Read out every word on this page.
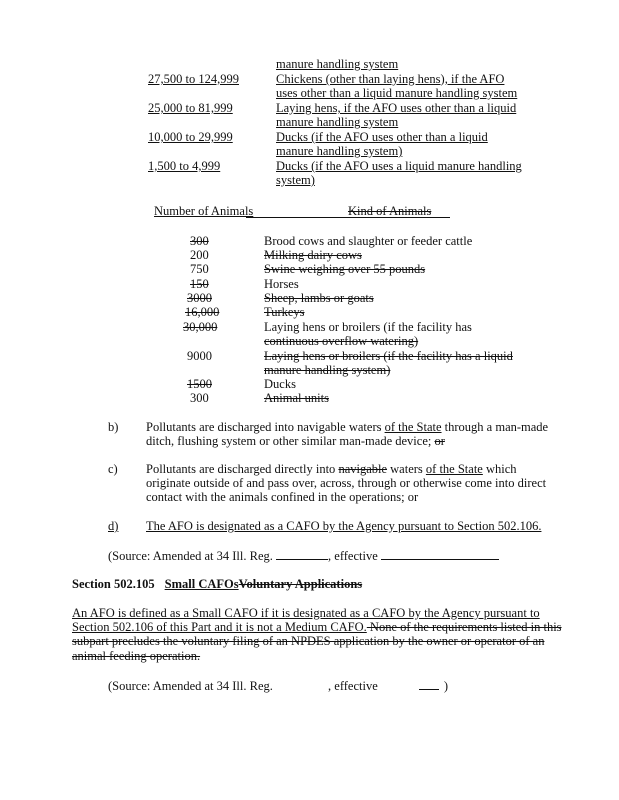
manure handling system
27,500 to 124,999	Chickens (other than laying hens), if the AFO
uses other than a liquid manure handling system
25,000 to 81,999	Laying hens, if the AFO uses other than a liquid
manure handling system
10,000 to 29,999	Ducks (if the AFO uses other than a liquid
manure handling system)
1,500 to 4,999	Ducks (if the AFO uses a liquid manure handling
system)
Number of Animals	Kind of Animals
300	Brood cows and slaughter or feeder cattle
200	Milking dairy cows
750	Swine weighing over 55 pounds
150	Horses
3000	Sheep, lambs or goats
16,000	Turkeys
30,000	Laying hens or broilers (if the facility has
continuous overflow watering)
9000	Laying hens or broilers (if the facility has a liquid
manure handling system)
1500	Ducks
300	Animal units
b) Pollutants are discharged into navigable waters of the State through a man-made
ditch, flushing system or other similar man-made device; or
c) Pollutants are discharged directly into navigable waters of the State which
originate outside of and pass over, across, through or otherwise come into direct
contact with the animals confined in the operations; or
d) The AFO is designated as a CAFO by the Agency pursuant to Section 502.106.
(Source: Amended at 34 Ill. Reg.	, effective
Section 502.105 Small CAFOsVoluntary Applications
An AFO is defined as a Small CAFO if it is designated as a CAFO by the Agency pursuant to
Section 502.106 of this Part and it is not a Medium CAFO. None of the requirements listed in this
subpart precludes the voluntary filing of an NPDES application by the owner or operator of an
animal feeding operation.
(Source: Amended at 34 Ill. Reg.	, effective	)
